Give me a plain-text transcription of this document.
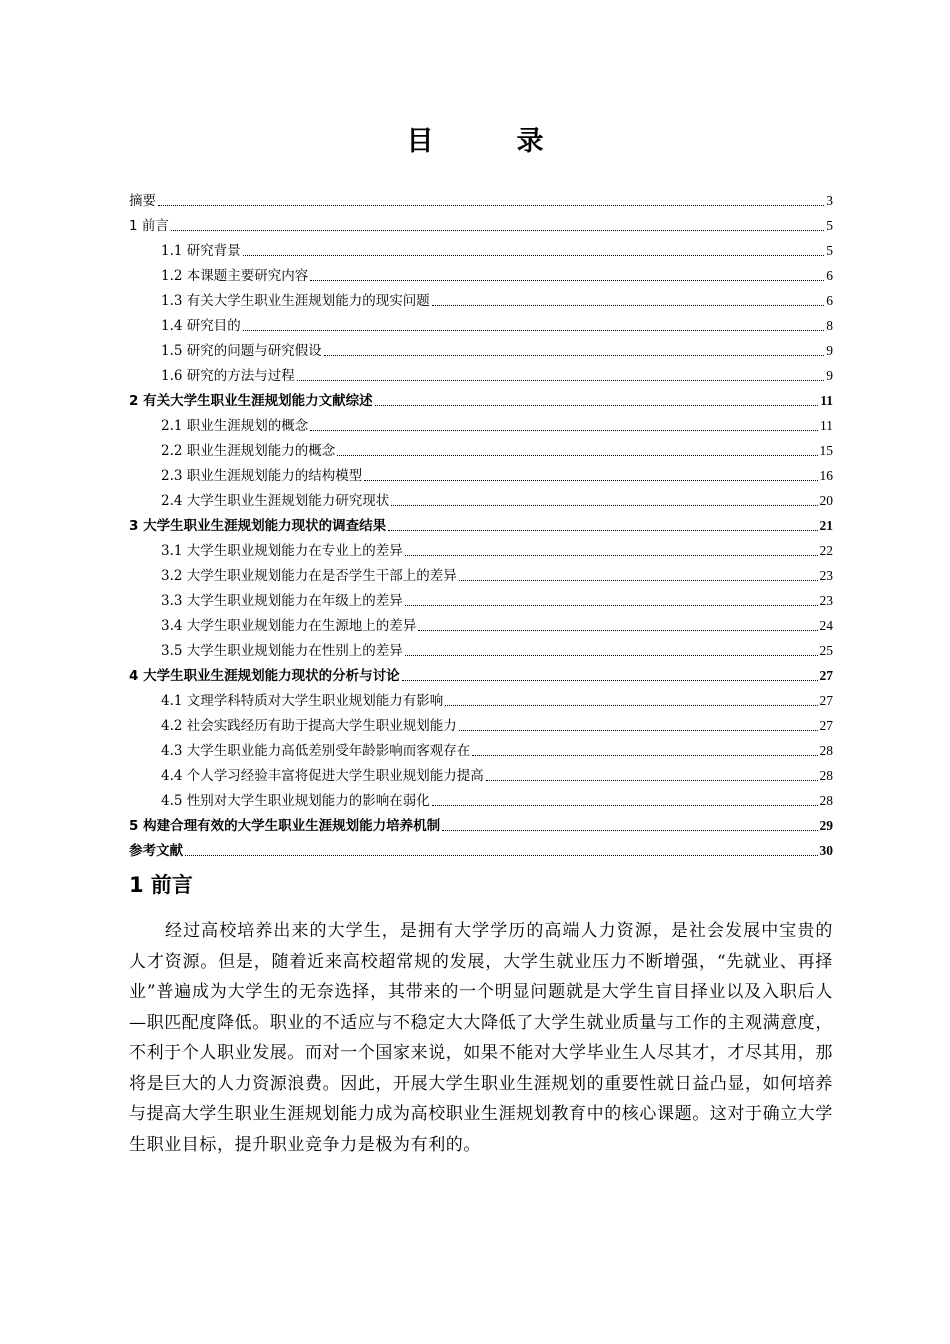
目　录
摘要	3
1 前言	5
1.1 研究背景	5
1.2 本课题主要研究内容	6
1.3 有关大学生职业生涯规划能力的现实问题	6
1.4 研究目的	8
1.5 研究的问题与研究假设	9
1.6 研究的方法与过程	9
2 有关大学生职业生涯规划能力文献综述	11
2.1 职业生涯规划的概念	11
2.2 职业生涯规划能力的概念	15
2.3 职业生涯规划能力的结构模型	16
2.4 大学生职业生涯规划能力研究现状	20
3 大学生职业生涯规划能力现状的调查结果	21
3.1 大学生职业规划能力在专业上的差异	22
3.2 大学生职业规划能力在是否学生干部上的差异	23
3.3 大学生职业规划能力在年级上的差异	23
3.4 大学生职业规划能力在生源地上的差异	24
3.5 大学生职业规划能力在性别上的差异	25
4 大学生职业生涯规划能力现状的分析与讨论	27
4.1 文理学科特质对大学生职业规划能力有影响	27
4.2 社会实践经历有助于提高大学生职业规划能力	27
4.3 大学生职业能力高低差别受年龄影响而客观存在	28
4.4 个人学习经验丰富将促进大学生职业规划能力提高	28
4.5 性别对大学生职业规划能力的影响在弱化	28
5 构建合理有效的大学生职业生涯规划能力培养机制	29
参考文献	30
1 前言

经过高校培养出来的大学生，是拥有大学学历的高端人力资源，是社会发展中宝贵的人才资源。但是，随着近来高校超常规的发展，大学生就业压力不断增强，“先就业、再择业”普遍成为大学生的无奈选择，其带来的一个明显问题就是大学生盲目择业以及入职后人—职匹配度降低。职业的不适应与不稳定大大降低了大学生就业质量与工作的主观满意度，不利于个人职业发展。而对一个国家来说，如果不能对大学毕业生人尽其才，才尽其用，那将是巨大的人力资源浪费。因此，开展大学生职业生涯规划的重要性就日益凸显，如何培养与提高大学生职业生涯规划能力成为高校职业生涯规划教育中的核心课题。这对于确立大学生职业目标，提升职业竞争力是极为有利的。
